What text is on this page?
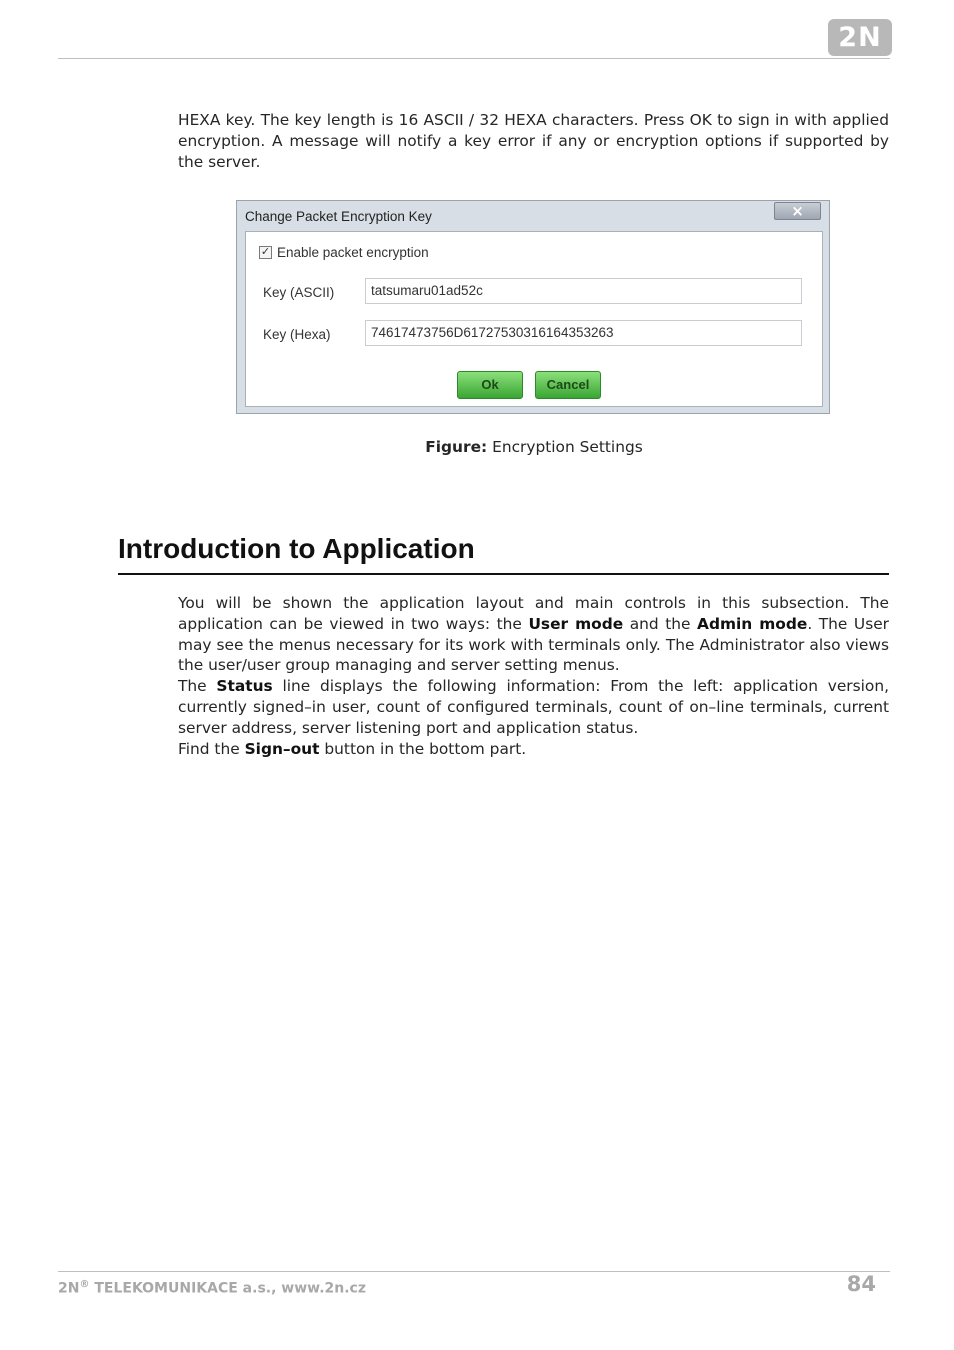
2N
HEXA key. The key length is 16 ASCII / 32 HEXA characters. Press OK to sign in with applied encryption. A message will notify a key error if any or encryption options if supported by the server.
Change Packet Encryption Key	×
✓ Enable packet encryption
Key (ASCII)	tatsumaru01ad52c
Key (Hexa)	74617473756D61727530316164353263
Ok	Cancel
Figure: Encryption Settings
Introduction to Application
You will be shown the application layout and main controls in this subsection. The application can be viewed in two ways: the User mode and the Admin mode. The User may see the menus necessary for its work with terminals only. The Administrator also views the user/user group managing and server setting menus.
The Status line displays the following information: From the left: application version, currently signed–in user, count of configured terminals, count of on–line terminals, current server address, server listening port and application status.
Find the Sign–out button in the bottom part.
2N® TELEKOMUNIKACE a.s., www.2n.cz	84
